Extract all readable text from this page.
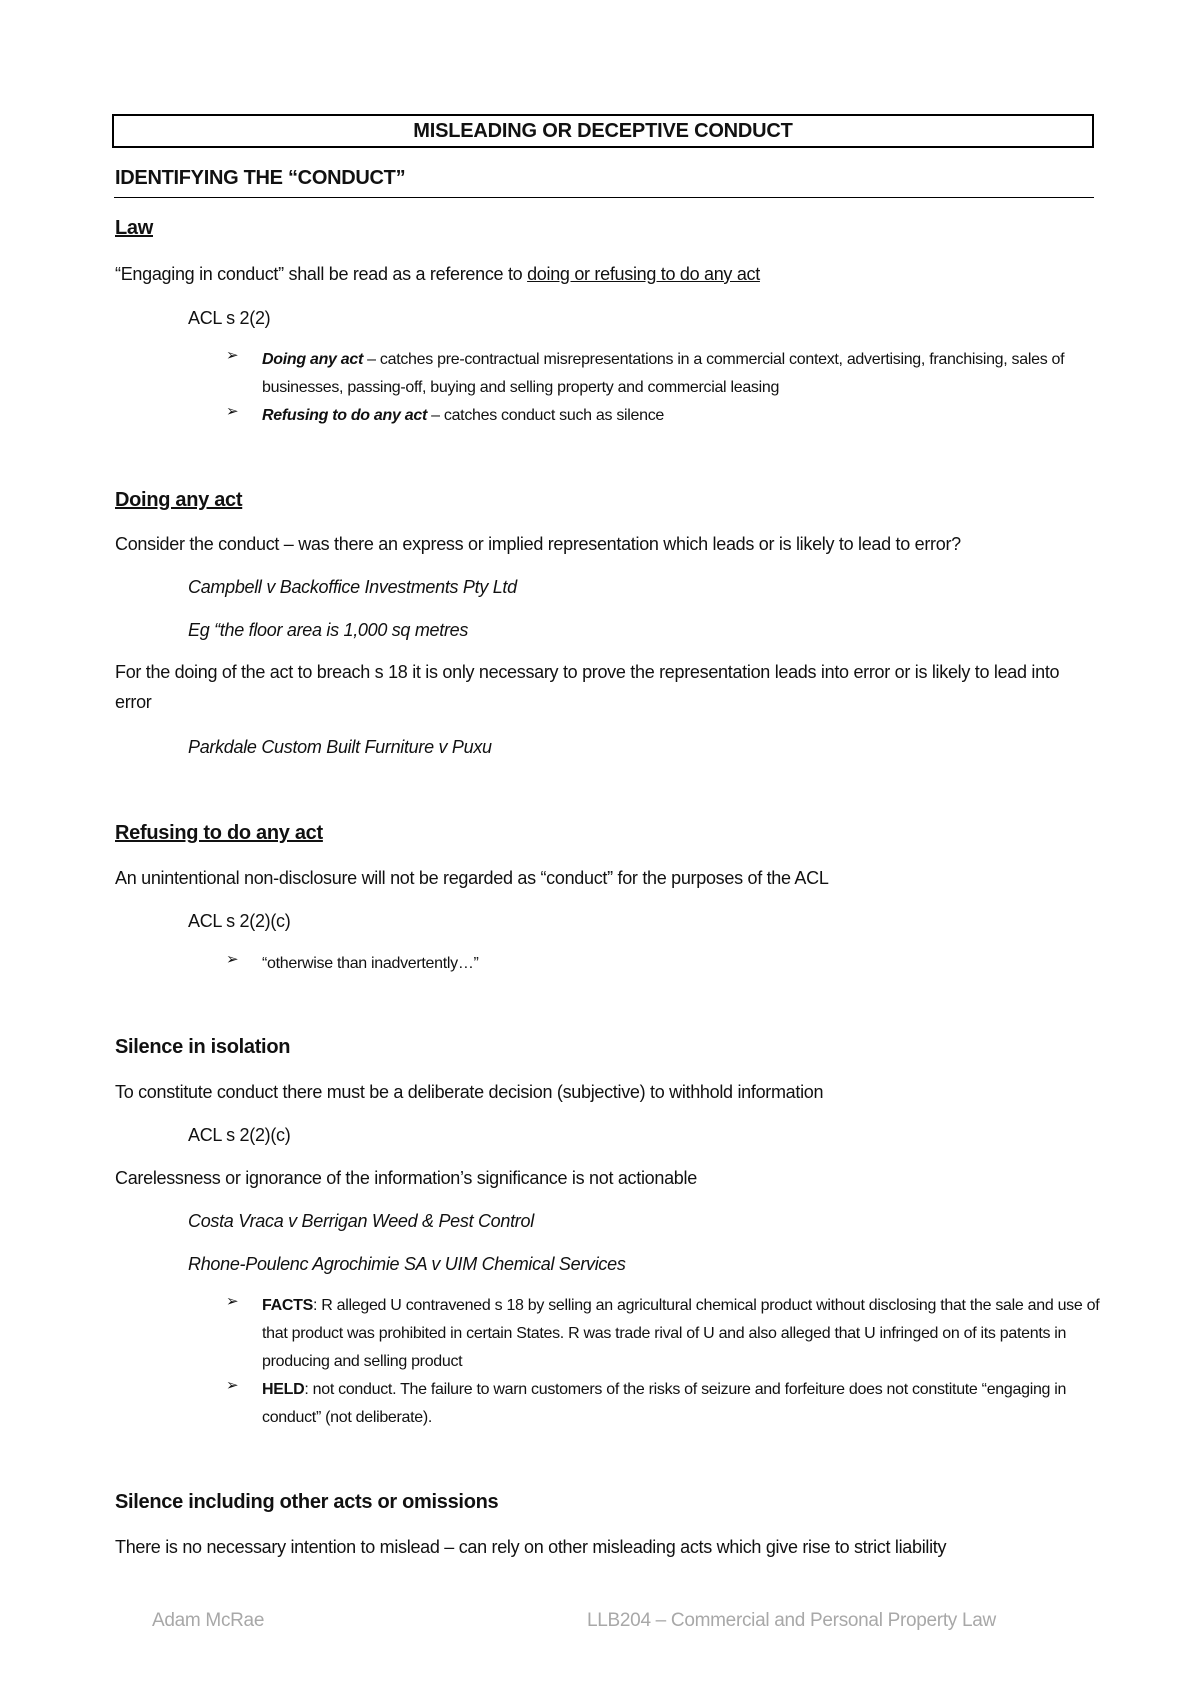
MISLEADING OR DECEPTIVE CONDUCT
IDENTIFYING THE “CONDUCT”
Law
“Engaging in conduct” shall be read as a reference to doing or refusing to do any act
ACL s 2(2)
➢ Doing any act – catches pre-contractual misrepresentations in a commercial context, advertising, franchising, sales of businesses, passing-off, buying and selling property and commercial leasing
➢ Refusing to do any act – catches conduct such as silence
Doing any act
Consider the conduct – was there an express or implied representation which leads or is likely to lead to error?
Campbell v Backoffice Investments Pty Ltd
Eg “the floor area is 1,000 sq metres
For the doing of the act to breach s 18 it is only necessary to prove the representation leads into error or is likely to lead into error
Parkdale Custom Built Furniture v Puxu
Refusing to do any act
An unintentional non-disclosure will not be regarded as “conduct” for the purposes of the ACL
ACL s 2(2)(c)
➢ “otherwise than inadvertently…”
Silence in isolation
To constitute conduct there must be a deliberate decision (subjective) to withhold information
ACL s 2(2)(c)
Carelessness or ignorance of the information’s significance is not actionable
Costa Vraca v Berrigan Weed & Pest Control
Rhone-Poulenc Agrochimie SA v UIM Chemical Services
➢ FACTS: R alleged U contravened s 18 by selling an agricultural chemical product without disclosing that the sale and use of that product was prohibited in certain States. R was trade rival of U and also alleged that U infringed on of its patents in producing and selling product
➢ HELD: not conduct. The failure to warn customers of the risks of seizure and forfeiture does not constitute “engaging in conduct” (not deliberate).
Silence including other acts or omissions
There is no necessary intention to mislead – can rely on other misleading acts which give rise to strict liability
Adam McRae	LLB204 – Commercial and Personal Property Law
